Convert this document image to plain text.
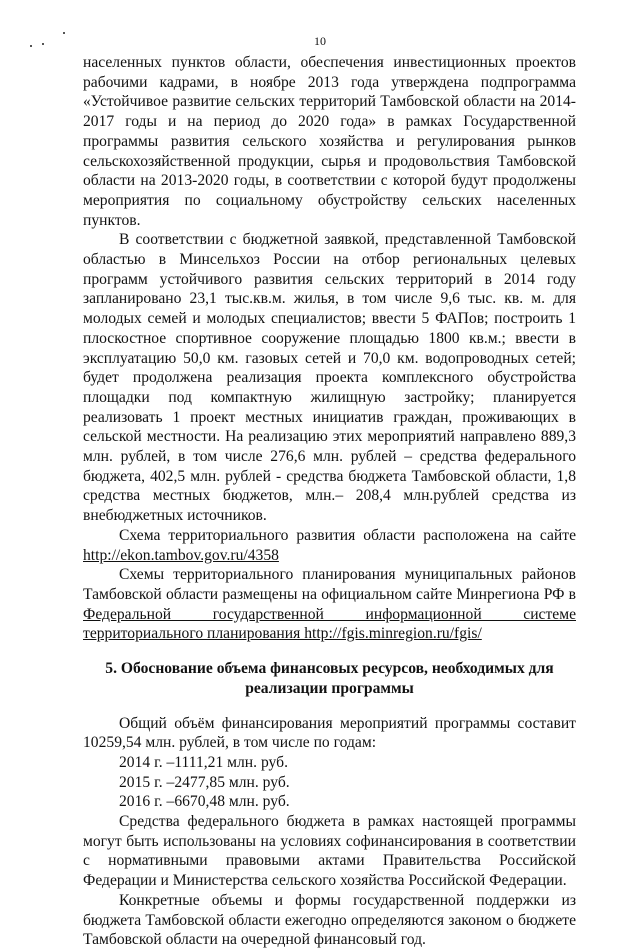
10

населенных пунктов области, обеспечения инвестиционных проектов рабочими кадрами, в ноябре 2013 года утверждена подпрограмма «Устойчивое развитие сельских территорий Тамбовской области на 2014-2017 годы и на период до 2020 года» в рамках Государственной программы развития сельского хозяйства и регулирования рынков сельскохозяйственной продукции, сырья и продовольствия Тамбовской области на 2013-2020 годы, в соответствии с которой будут продолжены мероприятия по социальному обустройству сельских населенных пунктов.

В соответствии с бюджетной заявкой, представленной Тамбовской областью в Минсельхоз России на отбор региональных целевых программ устойчивого развития сельских территорий в 2014 году запланировано 23,1 тыс.кв.м. жилья, в том числе 9,6 тыс. кв. м. для молодых семей и молодых специалистов; ввести 5 ФАПов; построить 1 плоскостное спортивное сооружение площадью 1800 кв.м.; ввести в эксплуатацию 50,0 км. газовых сетей и 70,0 км. водопроводных сетей; будет продолжена реализация проекта комплексного обустройства площадки под компактную жилищную застройку; планируется реализовать 1 проект местных инициатив граждан, проживающих в сельской местности. На реализацию этих мероприятий направлено 889,3 млн. рублей, в том числе 276,6 млн. рублей – средства федерального бюджета, 402,5 млн. рублей - средства бюджета Тамбовской области, 1,8 средства местных бюджетов, млн.– 208,4 млн.рублей средства из внебюджетных источников.

Схема территориального развития области расположена на сайте http://ekon.tambov.gov.ru/4358

Схемы территориального планирования муниципальных районов Тамбовской области размещены на официальном сайте Минрегиона РФ в Федеральной государственной информационной системе территориального планирования http://fgis.minregion.ru/fgis/

5. Обоснование объема финансовых ресурсов, необходимых для реализации программы

Общий объём финансирования мероприятий программы составит 10259,54 млн. рублей, в том числе по годам:

2014 г. –1111,21 млн. руб.

2015 г. –2477,85 млн. руб.

2016 г. –6670,48 млн. руб.

Средства федерального бюджета в рамках настоящей программы могут быть использованы на условиях софинансирования в соответствии с нормативными правовыми актами Правительства Российской Федерации и Министерства сельского хозяйства Российской Федерации.

Конкретные объемы и формы государственной поддержки из бюджета Тамбовской области ежегодно определяются законом о бюджете Тамбовской области на очередной финансовый год.
